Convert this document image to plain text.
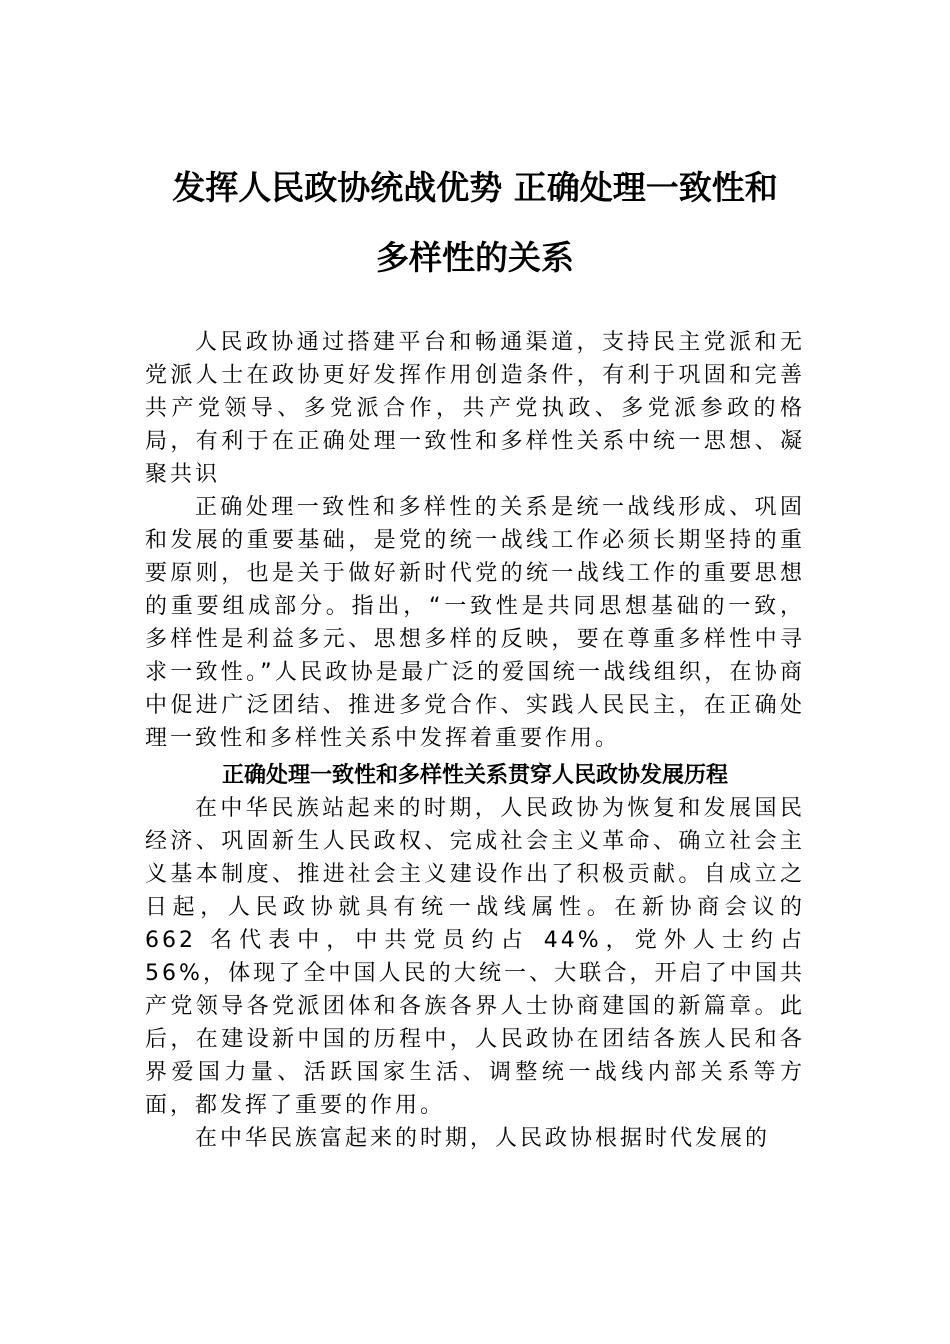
发挥人民政协统战优势 正确处理一致性和
多样性的关系

人民政协通过搭建平台和畅通渠道，支持民主党派和无党派人士在政协更好发挥作用创造条件，有利于巩固和完善共产党领导、多党派合作，共产党执政、多党派参政的格局，有利于在正确处理一致性和多样性关系中统一思想、凝聚共识

正确处理一致性和多样性的关系是统一战线形成、巩固和发展的重要基础，是党的统一战线工作必须长期坚持的重要原则，也是关于做好新时代党的统一战线工作的重要思想的重要组成部分。指出，“一致性是共同思想基础的一致，多样性是利益多元、思想多样的反映，要在尊重多样性中寻求一致性。”人民政协是最广泛的爱国统一战线组织，在协商中促进广泛团结、推进多党合作、实践人民民主，在正确处理一致性和多样性关系中发挥着重要作用。

正确处理一致性和多样性关系贯穿人民政协发展历程

在中华民族站起来的时期，人民政协为恢复和发展国民经济、巩固新生人民政权、完成社会主义革命、确立社会主义基本制度、推进社会主义建设作出了积极贡献。自成立之日起，人民政协就具有统一战线属性。在新协商会议的 662 名代表中，中共党员约占 44%，党外人士约占 56%，体现了全中国人民的大统一、大联合，开启了中国共产党领导各党派团体和各族各界人士协商建国的新篇章。此后，在建设新中国的历程中，人民政协在团结各族人民和各界爱国力量、活跃国家生活、调整统一战线内部关系等方面，都发挥了重要的作用。

在中华民族富起来的时期，人民政协根据时代发展的
